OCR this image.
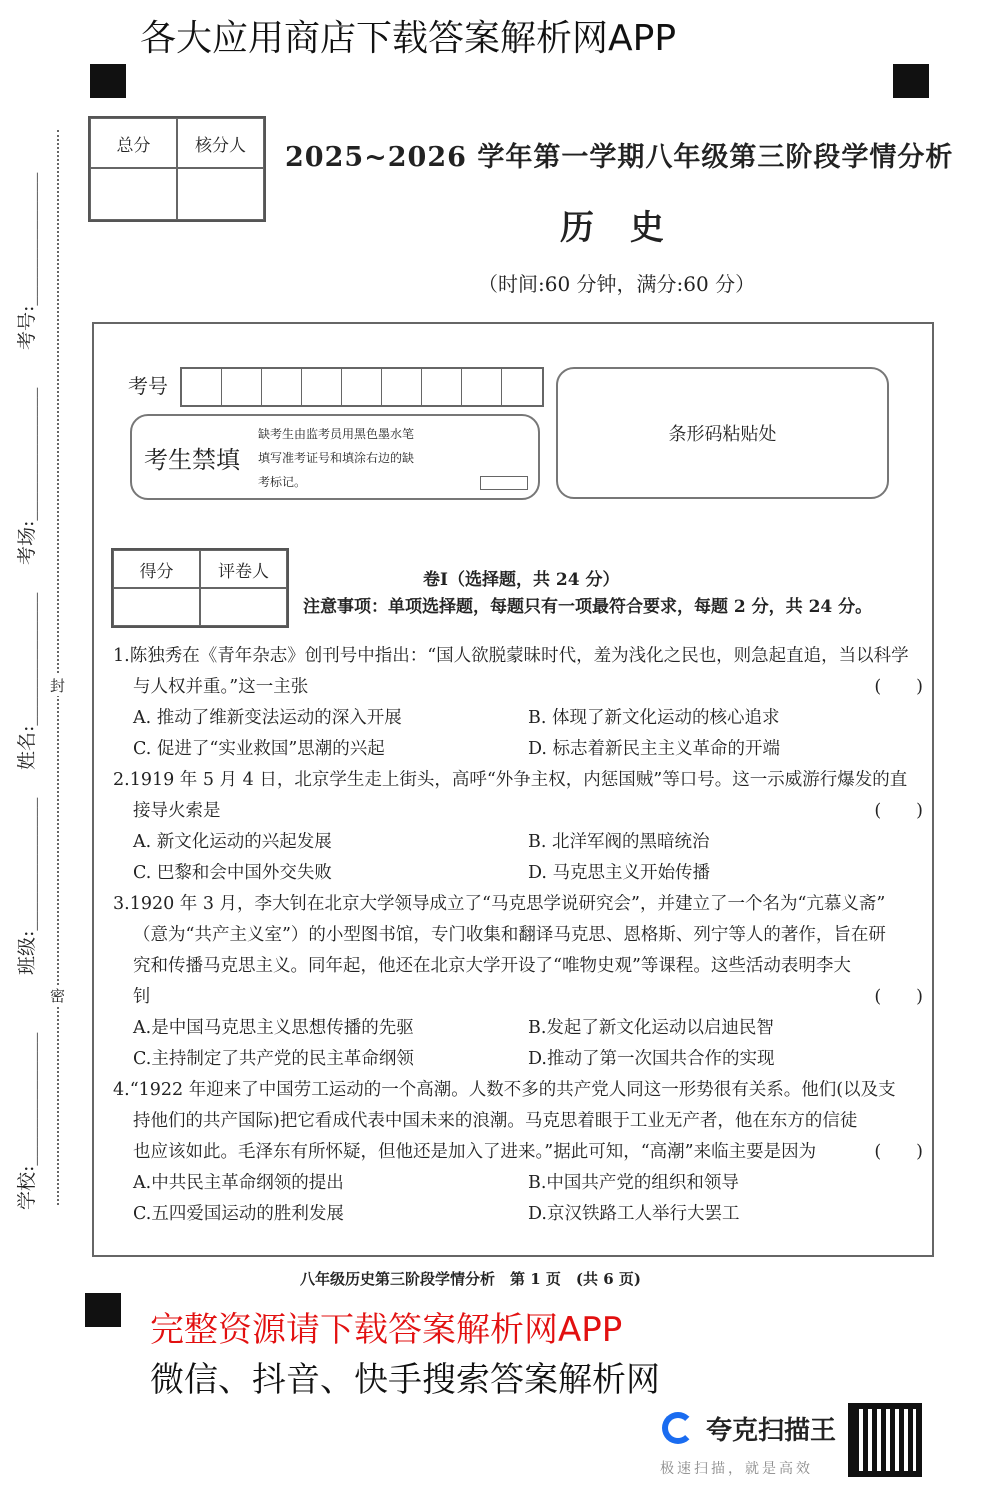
考号:______________
考场:______________
姓名:______________
班级:______________
学校:______________
封
密
总分	核分人	2025~2026 学年第一学期八年级第三阶段学情分析
历 史
（时间:60 分钟，满分:60 分）
考号
考生禁填
缺考生由监考员用黑色墨水笔
填写准考证号和填涂右边的缺
考标记。
条形码粘贴处
得分	评卷人	卷Ⅰ（选择题，共 24 分）
注意事项：单项选择题，每题只有一项最符合要求，每题 2 分，共 24 分。

1.陈独秀在《青年杂志》创刊号中指出：“国人欲脱蒙昧时代，羞为浅化之民也，则急起直追，当以科学

与人权并重。”这一主张	(　　)

A. 推动了维新变法运动的深入开展	B. 体现了新文化运动的核心追求
C. 促进了“实业救国”思潮的兴起	D. 标志着新民主主义革命的开端

2.1919 年 5 月 4 日，北京学生走上街头，高呼“外争主权，内惩国贼”等口号。这一示威游行爆发的直

接导火索是	(　　)

A. 新文化运动的兴起发展	B. 北洋军阀的黑暗统治
C. 巴黎和会中国外交失败	D. 马克思主义开始传播

3.1920 年 3 月，李大钊在北京大学领导成立了“马克思学说研究会”，并建立了一个名为“亢慕义斋”

（意为“共产主义室”）的小型图书馆，专门收集和翻译马克思、恩格斯、列宁等人的著作，旨在研

究和传播马克思主义。同年起，他还在北京大学开设了“唯物史观”等课程。这些活动表明李大

钊	(　　)

A.是中国马克思主义思想传播的先驱	B.发起了新文化运动以启迪民智
C.主持制定了共产党的民主革命纲领	D.推动了第一次国共合作的实现

4.“1922 年迎来了中国劳工运动的一个高潮。人数不多的共产党人同这一形势很有关系。他们(以及支

持他们的共产国际)把它看成代表中国未来的浪潮。马克思着眼于工业无产者，他在东方的信徒

也应该如此。毛泽东有所怀疑，但他还是加入了进来。”据此可知，“高潮”来临主要是因为	(　　)

A.中共民主革命纲领的提出	B.中国共产党的组织和领导
C.五四爱国运动的胜利发展	D.京汉铁路工人举行大罢工
八年级历史第三阶段学情分析　第 1 页　(共 6 页)
各大应用商店下载答案解析网APP
完整资源请下载答案解析网APP
微信、抖音、快手搜索答案解析网
夸克扫描王
极速扫描，就是高效
